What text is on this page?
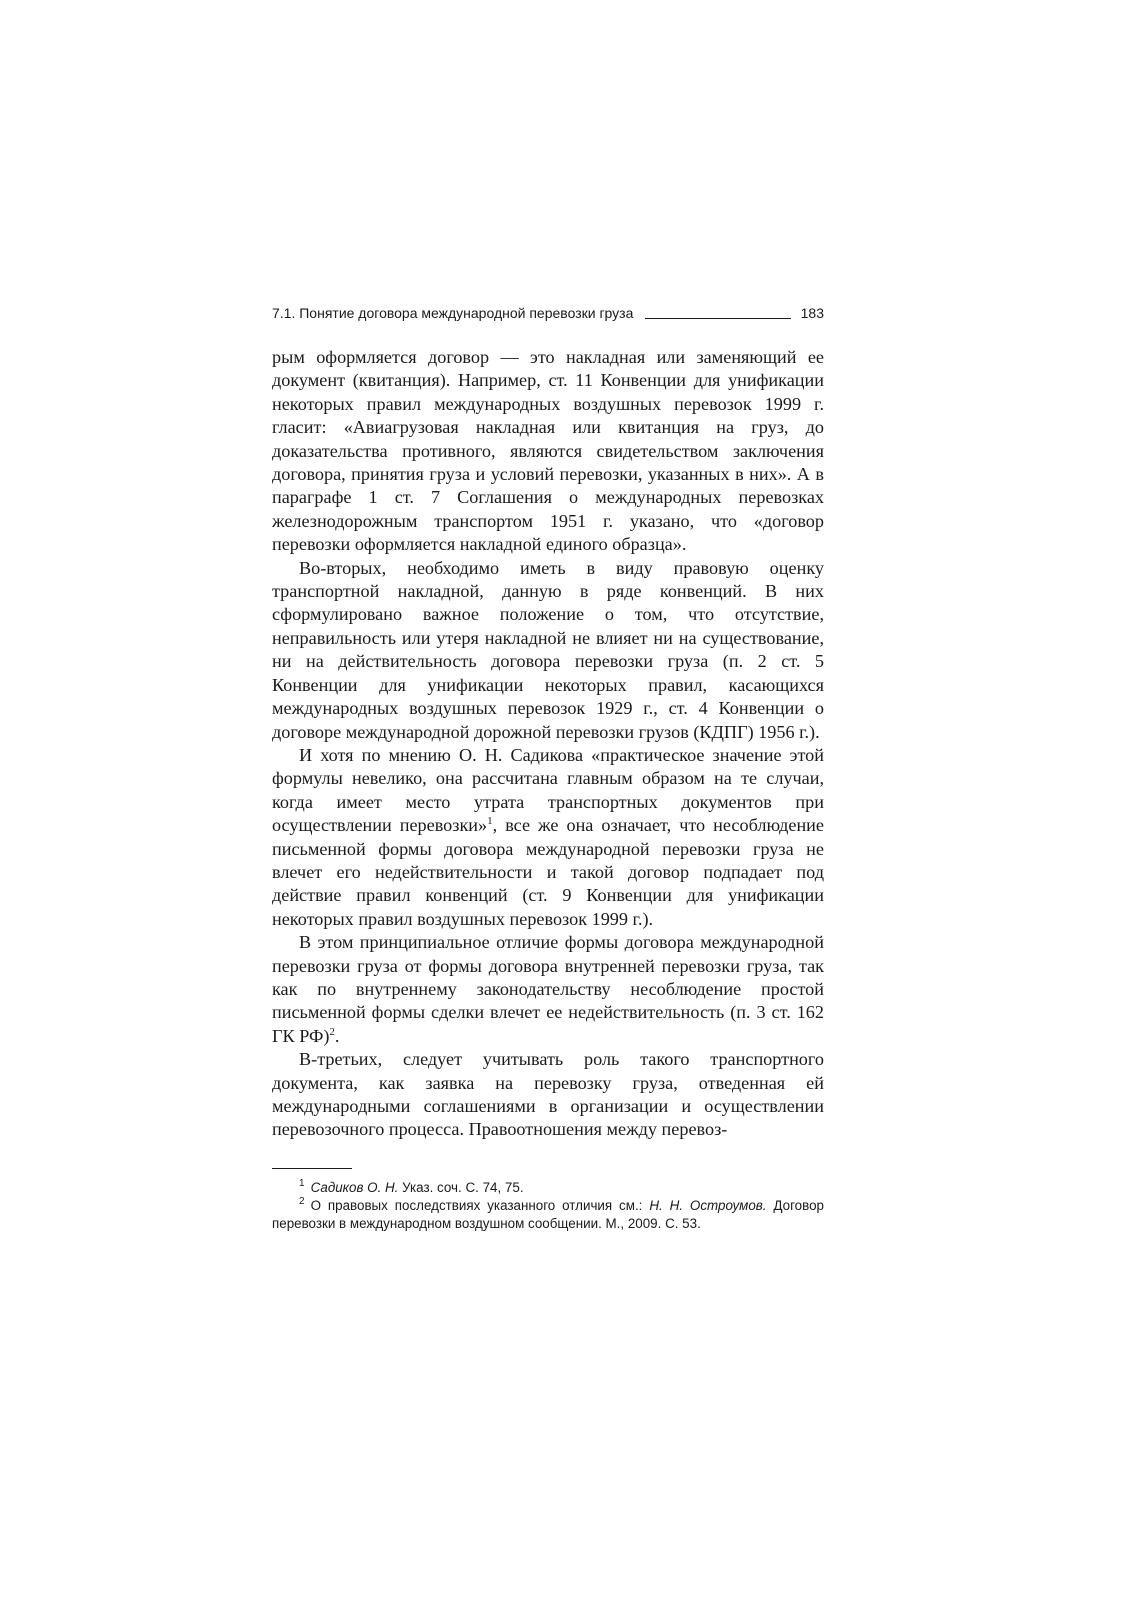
7.1. Понятие договора международной перевозки груза	183

рым оформляется договор — это накладная или заменяющий ее документ (квитанция). Например, ст. 11 Конвенции для унификации некоторых правил международных воздушных перевозок 1999 г. гласит: «Авиагрузовая накладная или квитанция на груз, до доказательства противного, являются свидетельством заключения договора, принятия груза и условий перевозки, указанных в них». А в параграфе 1 ст. 7 Соглашения о международных перевозках железнодорожным транспортом 1951 г. указано, что «договор перевозки оформляется накладной единого образца».

Во-вторых, необходимо иметь в виду правовую оценку транспортной накладной, данную в ряде конвенций. В них сформулировано важное положение о том, что отсутствие, неправильность или утеря накладной не влияет ни на существование, ни на действительность договора перевозки груза (п. 2 ст. 5 Конвенции для унификации некоторых правил, касающихся международных воздушных перевозок 1929 г., ст. 4 Конвенции о договоре международной дорожной перевозки грузов (КДПГ) 1956 г.).

И хотя по мнению О. Н. Садикова «практическое значение этой формулы невелико, она рассчитана главным образом на те случаи, когда имеет место утрата транспортных документов при осуществлении перевозки»$^1$, все же она означает, что несоблюдение письменной формы договора международной перевозки груза не влечет его недействительности и такой договор подпадает под действие правил конвенций (ст. 9 Конвенции для унификации некоторых правил воздушных перевозок 1999 г.).

В этом принципиальное отличие формы договора международной перевозки груза от формы договора внутренней перевозки груза, так как по внутреннему законодательству несоблюдение простой письменной формы сделки влечет ее недействительность (п. 3 ст. 162 ГК РФ)$^2$.

В-третьих, следует учитывать роль такого транспортного документа, как заявка на перевозку груза, отведенная ей международными соглашениями в организации и осуществлении перевозочного процесса. Правоотношения между перевоз-

$^1$ Садиков О. Н. Указ. соч. С. 74, 75.

$^2$ О правовых последствиях указанного отличия см.: Н. Н. Остроумов. Договор перевозки в международном воздушном сообщении. М., 2009. С. 53.
